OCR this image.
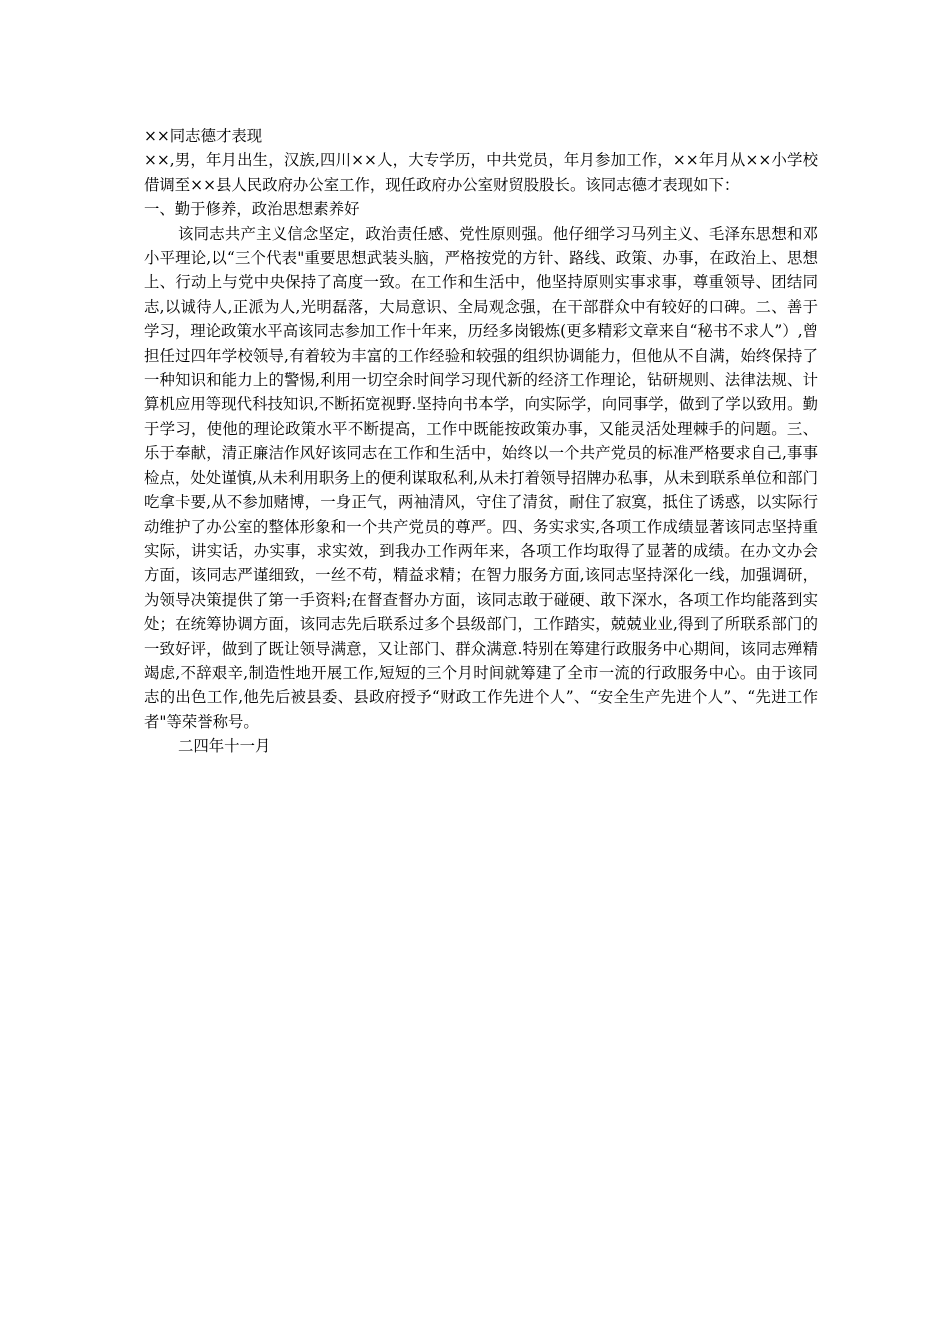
××同志德才表现

××,男，年月出生，汉族,四川××人，大专学历，中共党员，年月参加工作，××年月从××小学校借调至××县人民政府办公室工作，现任政府办公室财贸股股长。该同志德才表现如下：

一、勤于修养，政治思想素养好

该同志共产主义信念坚定，政治责任感、党性原则强。他仔细学习马列主义、毛泽东思想和邓小平理论,以“三个代表"重要思想武装头脑，严格按党的方针、路线、政策、办事，在政治上、思想上、行动上与党中央保持了高度一致。在工作和生活中，他坚持原则实事求事，尊重领导、团结同志,以诚待人,正派为人,光明磊落，大局意识、全局观念强，在干部群众中有较好的口碑。二、善于学习，理论政策水平高该同志参加工作十年来，历经多岗锻炼(更多精彩文章来自“秘书不求人”）,曾担任过四年学校领导,有着较为丰富的工作经验和较强的组织协调能力，但他从不自满，始终保持了一种知识和能力上的警惕,利用一切空余时间学习现代新的经济工作理论，钻研规则、法律法规、计算机应用等现代科技知识,不断拓宽视野.坚持向书本学，向实际学，向同事学，做到了学以致用。勤于学习，使他的理论政策水平不断提高，工作中既能按政策办事，又能灵活处理棘手的问题。三、乐于奉献，清正廉洁作风好该同志在工作和生活中，始终以一个共产党员的标准严格要求自己,事事检点，处处谨慎,从未利用职务上的便利谋取私利,从未打着领导招牌办私事，从未到联系单位和部门吃拿卡要,从不参加赌博，一身正气，两袖清风，守住了清贫，耐住了寂寞，抵住了诱惑，以实际行动维护了办公室的整体形象和一个共产党员的尊严。四、务实求实,各项工作成绩显著该同志坚持重实际，讲实话，办实事，求实效，到我办工作两年来，各项工作均取得了显著的成绩。在办文办会方面，该同志严谨细致，一丝不苟，精益求精；在智力服务方面,该同志坚持深化一线，加强调研，为领导决策提供了第一手资料;在督查督办方面，该同志敢于碰硬、敢下深水，各项工作均能落到实处；在统筹协调方面，该同志先后联系过多个县级部门，工作踏实，兢兢业业,得到了所联系部门的一致好评，做到了既让领导满意，又让部门、群众满意.特别在筹建行政服务中心期间，该同志殚精竭虑,不辞艰辛,制造性地开展工作,短短的三个月时间就筹建了全市一流的行政服务中心。由于该同志的出色工作,他先后被县委、县政府授予“财政工作先进个人”、“安全生产先进个人”、“先进工作者"等荣誉称号。

二四年十一月
